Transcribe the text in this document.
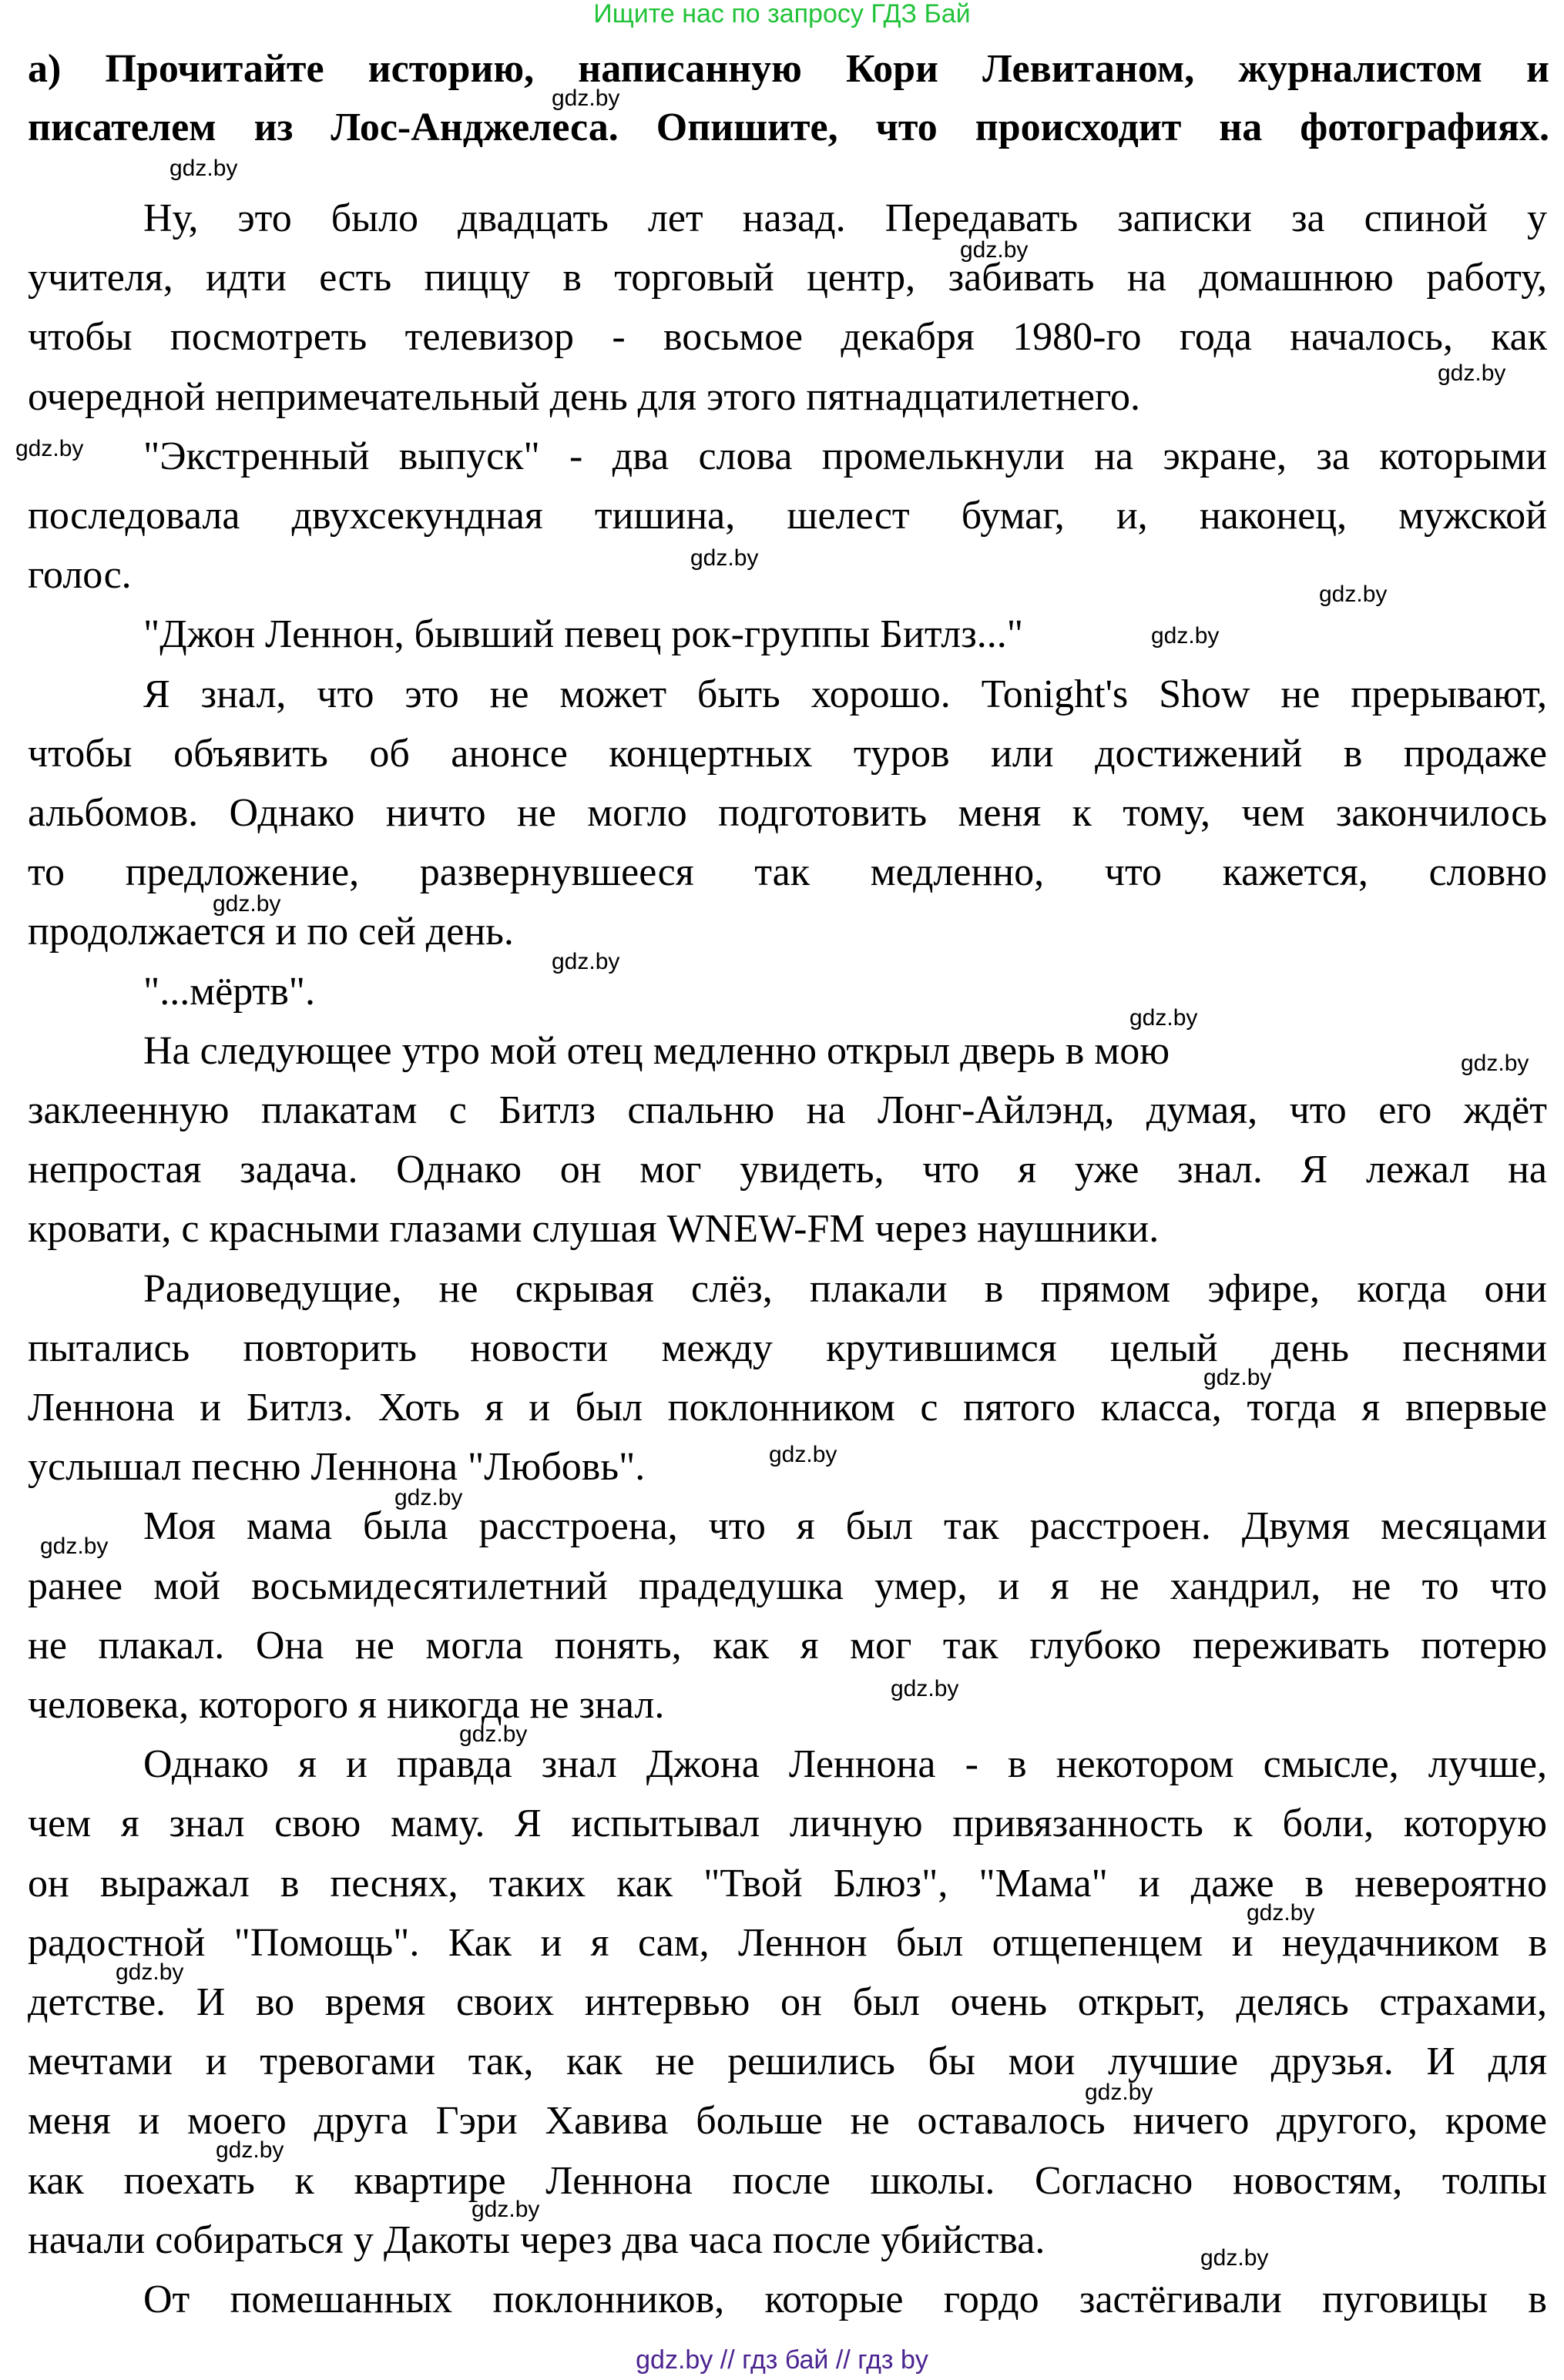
Ищите нас по запросу ГДЗ Бай
а) Прочитайте историю, написанную Кори Левитаном, журналистом и
писателем из Лос-Анджелеса. Опишите, что происходит на фотографиях.
Ну, это было двадцать лет назад. Передавать записки за спиной у
учителя, идти есть пиццу в торговый центр, забивать на домашнюю работу,
чтобы посмотреть телевизор - восьмое декабря 1980-го года началось, как
очередной непримечательный день для этого пятнадцатилетнего.
"Экстренный выпуск" - два слова промелькнули на экране, за которыми
последовала двухсекундная тишина, шелест бумаг, и, наконец, мужской
голос.
"Джон Леннон, бывший певец рок-группы Битлз..."
Я знал, что это не может быть хорошо. Tonight's Show не прерывают,
чтобы объявить об анонсе концертных туров или достижений в продаже
альбомов. Однако ничто не могло подготовить меня к тому, чем закончилось
то предложение, развернувшееся так медленно, что кажется, словно
продолжается и по сей день.
"...мёртв".
На следующее утро мой отец медленно открыл дверь в мою
заклеенную плакатам с Битлз спальню на Лонг-Айлэнд, думая, что его ждёт
непростая задача. Однако он мог увидеть, что я уже знал. Я лежал на
кровати, с красными глазами слушая WNEW-FM через наушники.
Радиоведущие, не скрывая слёз, плакали в прямом эфире, когда они
пытались повторить новости между крутившимся целый день песнями
Леннона и Битлз. Хоть я и был поклонником с пятого класса, тогда я впервые
услышал песню Леннона "Любовь".
Моя мама была расстроена, что я был так расстроен. Двумя месяцами
ранее мой восьмидесятилетний прадедушка умер, и я не хандрил, не то что
не плакал. Она не могла понять, как я мог так глубоко переживать потерю
человека, которого я никогда не знал.
Однако я и правда знал Джона Леннона - в некотором смысле, лучше,
чем я знал свою маму. Я испытывал личную привязанность к боли, которую
он выражал в песнях, таких как "Твой Блюз", "Мама" и даже в невероятно
радостной "Помощь". Как и я сам, Леннон был отщепенцем и неудачником в
детстве. И во время своих интервью он был очень открыт, делясь страхами,
мечтами и тревогами так, как не решились бы мои лучшие друзья. И для
меня и моего друга Гэри Хавива больше не оставалось ничего другого, кроме
как поехать к квартире Леннона после школы. Согласно новостям, толпы
начали собираться у Дакоты через два часа после убийства.
От помешанных поклонников, которые гордо застёгивали пуговицы в
gdz.by
gdz.by
gdz.by
gdz.by
gdz.by
gdz.by
gdz.by
gdz.by
gdz.by
gdz.by
gdz.by
gdz.by
gdz.by
gdz.by
gdz.by
gdz.by
gdz.by
gdz.by
gdz.by
gdz.by
gdz.by
gdz.by
gdz.by
gdz.by
gdz.by // гдз бай // гдз by
